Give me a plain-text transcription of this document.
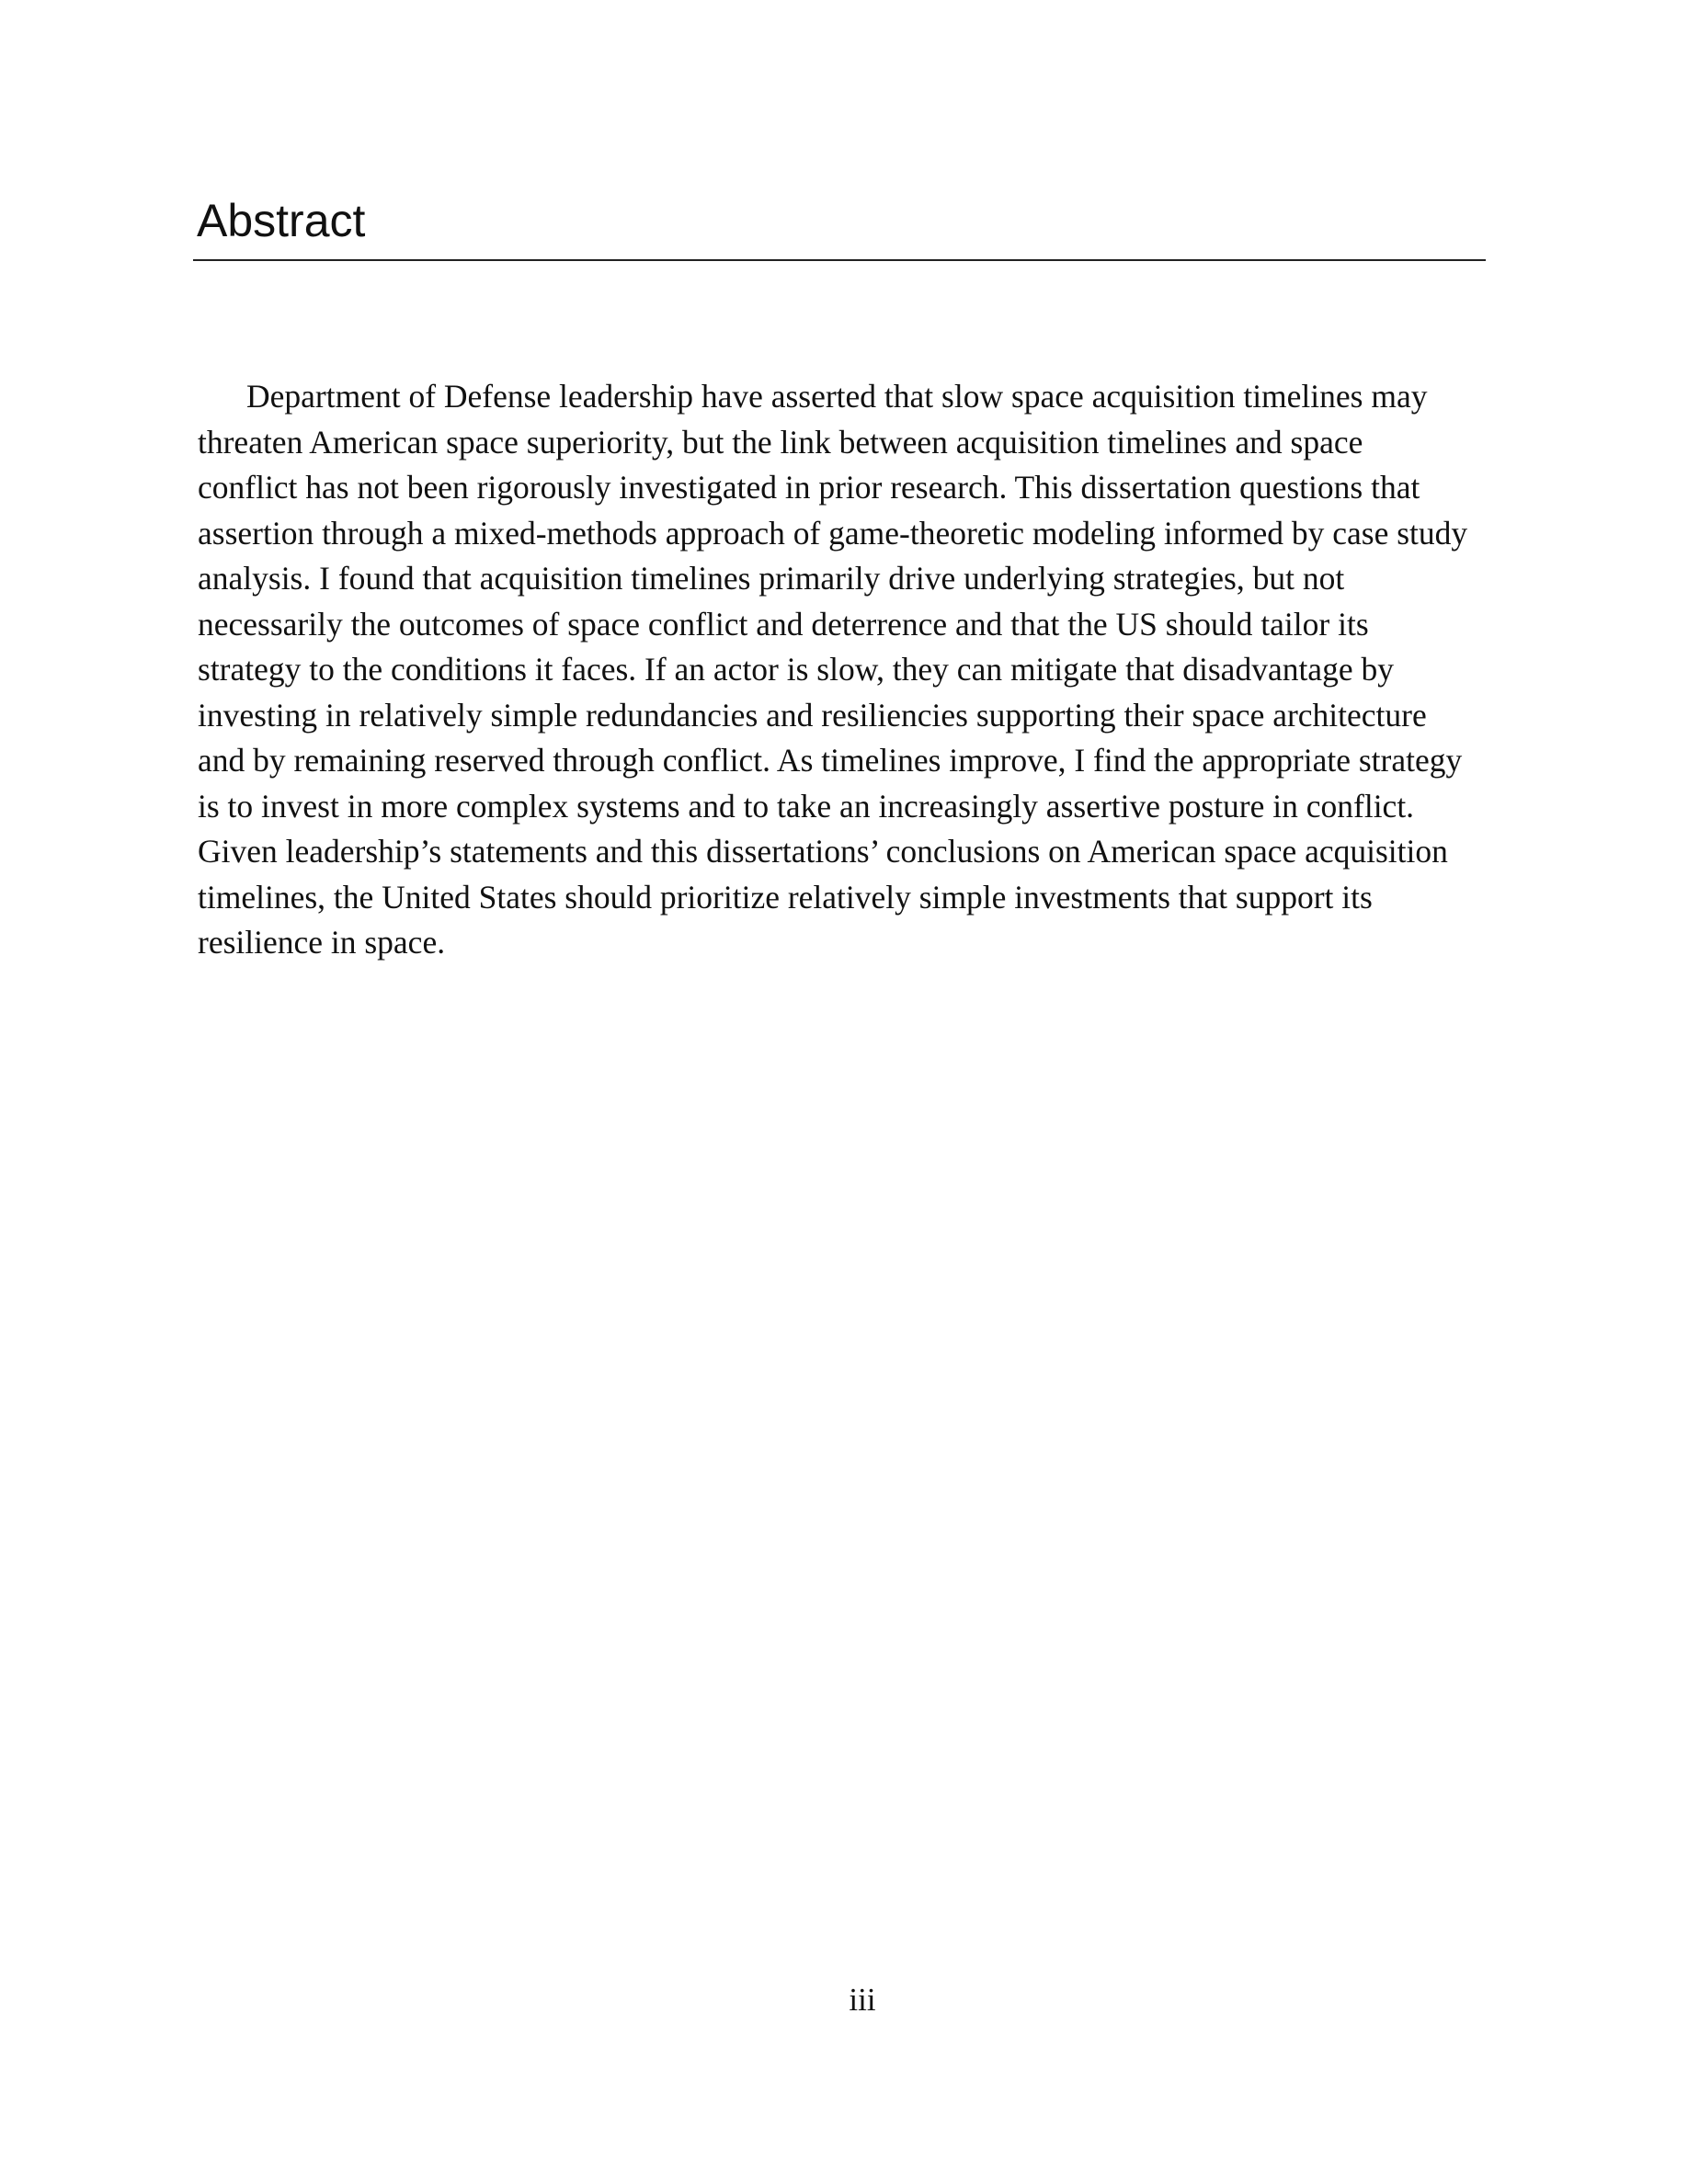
Abstract

Department of Defense leadership have asserted that slow space acquisition timelines may
threaten American space superiority, but the link between acquisition timelines and space
conflict has not been rigorously investigated in prior research. This dissertation questions that
assertion through a mixed-methods approach of game-theoretic modeling informed by case study
analysis. I found that acquisition timelines primarily drive underlying strategies, but not
necessarily the outcomes of space conflict and deterrence and that the US should tailor its
strategy to the conditions it faces. If an actor is slow, they can mitigate that disadvantage by
investing in relatively simple redundancies and resiliencies supporting their space architecture
and by remaining reserved through conflict. As timelines improve, I find the appropriate strategy
is to invest in more complex systems and to take an increasingly assertive posture in conflict.
Given leadership’s statements and this dissertations’ conclusions on American space acquisition
timelines, the United States should prioritize relatively simple investments that support its
resilience in space.

iii
